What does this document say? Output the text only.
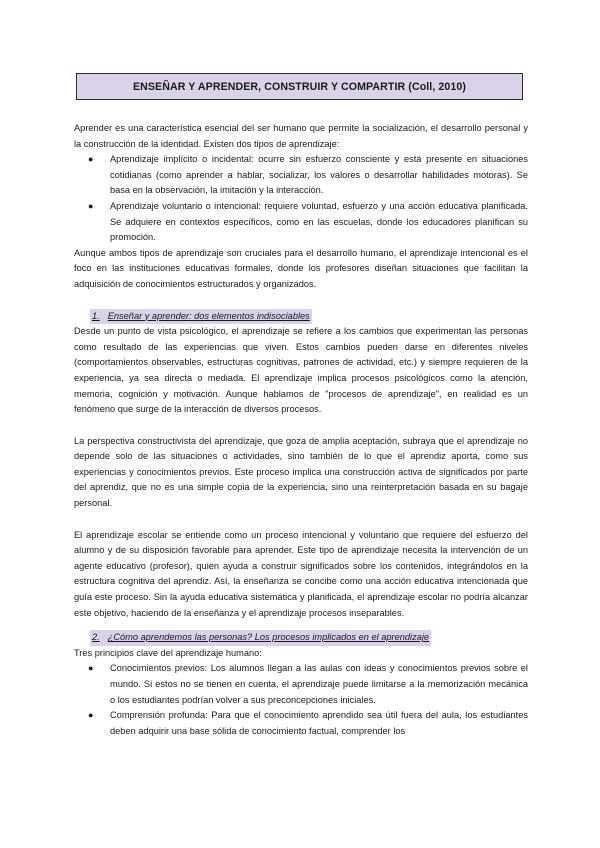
ENSEÑAR Y APRENDER, CONSTRUIR Y COMPARTIR (Coll, 2010)

Aprender es una característica esencial del ser humano que permite la socialización, el desarrollo personal y la construcción de la identidad. Existen dos tipos de aprendizaje:

● Aprendizaje implícito o incidental: ocurre sin esfuerzo consciente y está presente en situaciones cotidianas (como aprender a hablar, socializar, los valores o desarrollar habilidades motoras). Se basa en la observación, la imitación y la interacción.
● Aprendizaje voluntario o intencional: requiere voluntad, esfuerzo y una acción educativa planificada. Se adquiere en contextos específicos, como en las escuelas, donde los educadores planifican su promoción.

Aunque ambos tipos de aprendizaje son cruciales para el desarrollo humano, el aprendizaje intencional es el foco en las instituciones educativas formales, donde los profesores diseñan situaciones que facilitan la adquisición de conocimientos estructurados y organizados.

1. Enseñar y aprender: dos elementos indisociables

Desde un punto de vista psicológico, el aprendizaje se refiere a los cambios que experimentan las personas como resultado de las experiencias que viven. Estos cambios pueden darse en diferentes niveles (comportamientos observables, estructuras cognitivas, patrones de actividad, etc.) y siempre requieren de la experiencia, ya sea directa o mediada. El aprendizaje implica procesos psicológicos como la atención, memoria, cognición y motivación. Aunque hablamos de "procesos de aprendizaje", en realidad es un fenómeno que surge de la interacción de diversos procesos.

La perspectiva constructivista del aprendizaje, que goza de amplia aceptación, subraya que el aprendizaje no depende solo de las situaciones o actividades, sino también de lo que el aprendiz aporta, como sus experiencias y conocimientos previos. Este proceso implica una construcción activa de significados por parte del aprendiz, que no es una simple copia de la experiencia, sino una reinterpretación basada en su bagaje personal.

El aprendizaje escolar se entiende como un proceso intencional y voluntario que requiere del esfuerzo del alumno y de su disposición favorable para aprender. Este tipo de aprendizaje necesita la intervención de un agente educativo (profesor), quien ayuda a construir significados sobre los contenidos, integrándolos en la estructura cognitiva del aprendiz. Así, la enseñanza se concibe como una acción educativa intencionada que guía este proceso. Sin la ayuda educativa sistemática y planificada, el aprendizaje escolar no podría alcanzar este objetivo, haciendo de la enseñanza y el aprendizaje procesos inseparables.

2. ¿Cómo aprendemos las personas? Los procesos implicados en el aprendizaje

Tres principios clave del aprendizaje humano:

● Conocimientos previos: Los alumnos llegan a las aulas con ideas y conocimientos previos sobre el mundo. Si estos no se tienen en cuenta, el aprendizaje puede limitarse a la memorización mecánica o los estudiantes podrían volver a sus preconcepciones iniciales.
● Comprensión profunda: Para que el conocimiento aprendido sea útil fuera del aula, los estudiantes deben adquirir una base sólida de conocimiento factual, comprender los
